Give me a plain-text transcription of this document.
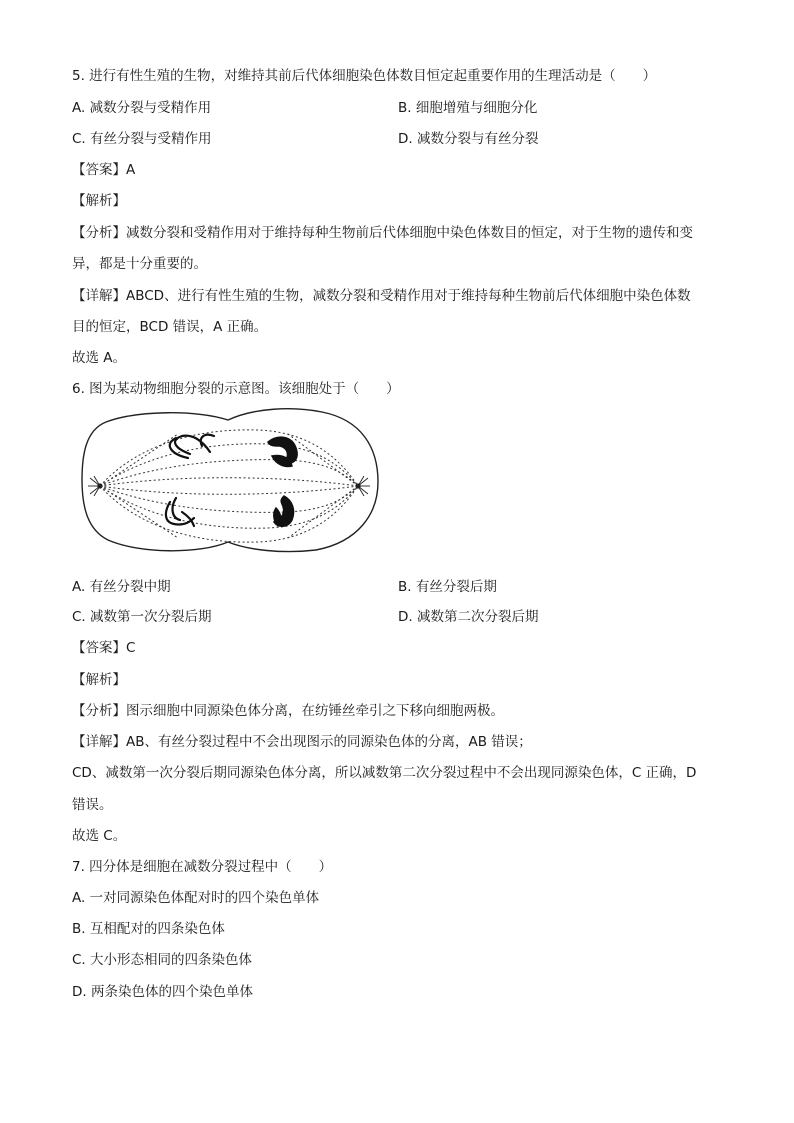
5. 进行有性生殖的生物，对维持其前后代体细胞染色体数目恒定起重要作用的生理活动是（　　）
A. 减数分裂与受精作用	B. 细胞增殖与细胞分化
C. 有丝分裂与受精作用	D. 减数分裂与有丝分裂
【答案】A
【解析】
【分析】减数分裂和受精作用对于维持每种生物前后代体细胞中染色体数目的恒定，对于生物的遗传和变
异，都是十分重要的。
【详解】ABCD、进行有性生殖的生物，减数分裂和受精作用对于维持每种生物前后代体细胞中染色体数
目的恒定，BCD 错误，A 正确。
故选 A。
6. 图为某动物细胞分裂的示意图。该细胞处于（　　）
A. 有丝分裂中期	B. 有丝分裂后期
C. 减数第一次分裂后期	D. 减数第二次分裂后期
【答案】C
【解析】
【分析】图示细胞中同源染色体分离，在纺锤丝牵引之下移向细胞两极。
【详解】AB、有丝分裂过程中不会出现图示的同源染色体的分离，AB 错误；
CD、减数第一次分裂后期同源染色体分离，所以减数第二次分裂过程中不会出现同源染色体，C 正确，D
错误。
故选 C。
7. 四分体是细胞在减数分裂过程中（　　）
A. 一对同源染色体配对时的四个染色单体
B. 互相配对的四条染色体
C. 大小形态相同的四条染色体
D. 两条染色体的四个染色单体
